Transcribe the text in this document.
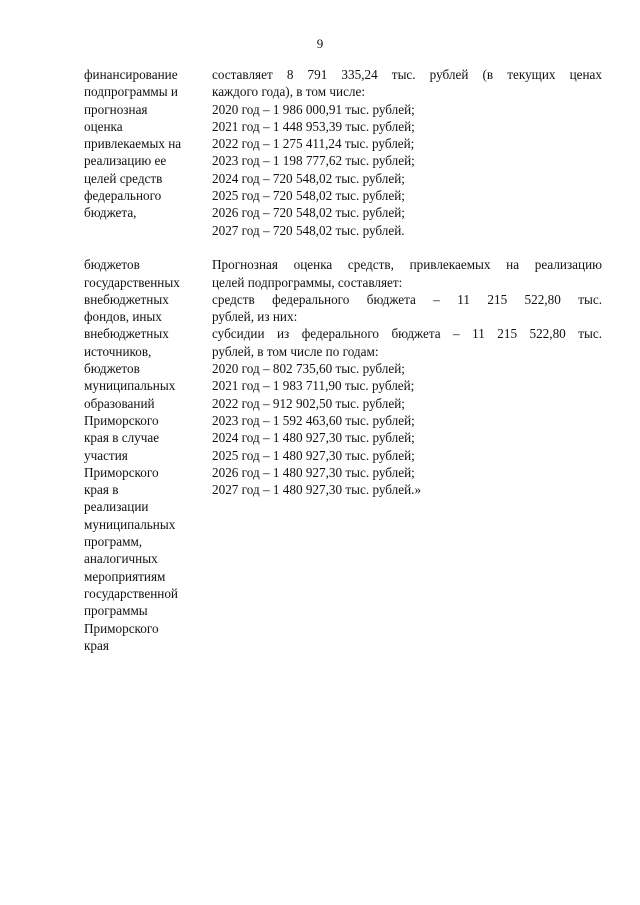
9
финансирование
подпрограммы и
прогнозная
оценка
привлекаемых на
реализацию ее
целей средств
федерального
бюджета,
составляет 8 791 335,24 тыс. рублей (в текущих ценах
каждого года), в том числе:
2020 год – 1 986 000,91 тыс. рублей;
2021 год – 1 448 953,39 тыс. рублей;
2022 год – 1 275 411,24 тыс. рублей;
2023 год – 1 198 777,62 тыс. рублей;
2024 год – 720 548,02 тыс. рублей;
2025 год – 720 548,02 тыс. рублей;
2026 год – 720 548,02 тыс. рублей;
2027 год – 720 548,02 тыс. рублей.
бюджетов
государственных
внебюджетных
фондов, иных
внебюджетных
источников,
бюджетов
муниципальных
образований
Приморского
края в случае
участия
Приморского
края в
реализации
муниципальных
программ,
аналогичных
мероприятиям
государственной
программы
Приморского
края
Прогнозная оценка средств, привлекаемых на реализацию
целей подпрограммы, составляет:
средств федерального бюджета – 11 215 522,80 тыс.
рублей, из них:
субсидии из федерального бюджета – 11 215 522,80 тыс.
рублей, в том числе по годам:
2020 год – 802 735,60 тыс. рублей;
2021 год – 1 983 711,90 тыс. рублей;
2022 год – 912 902,50 тыс. рублей;
2023 год – 1 592 463,60 тыс. рублей;
2024 год – 1 480 927,30 тыс. рублей;
2025 год – 1 480 927,30 тыс. рублей;
2026 год – 1 480 927,30 тыс. рублей;
2027 год – 1 480 927,30 тыс. рублей.»
